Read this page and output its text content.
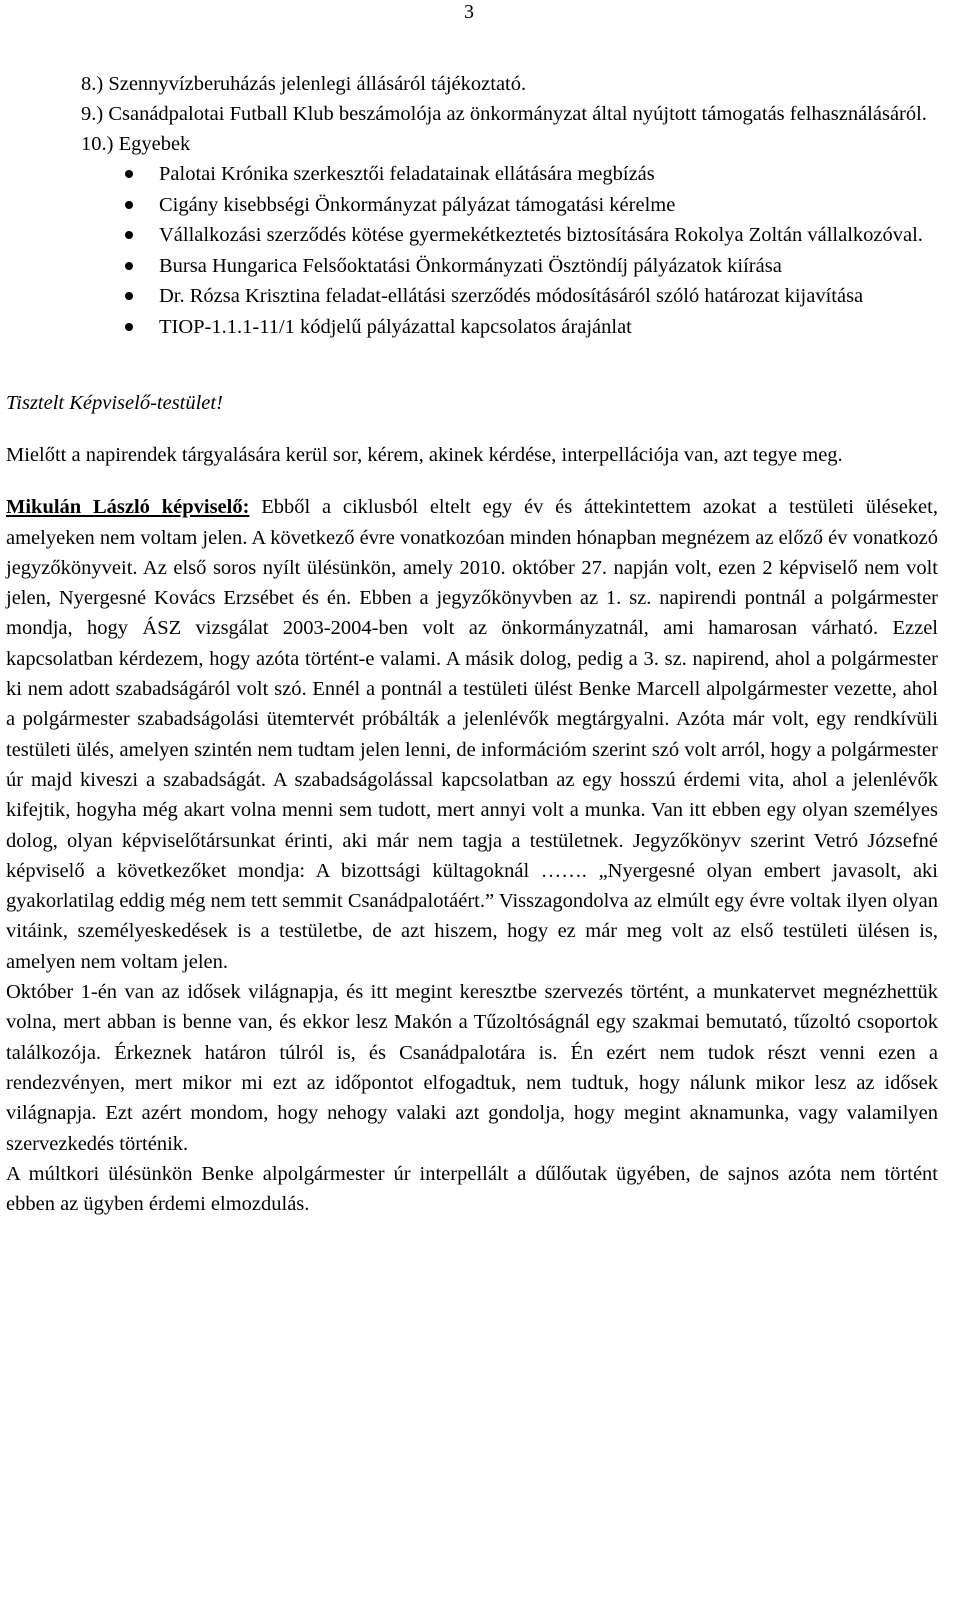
3
8.) Szennyvízberuházás jelenlegi állásáról tájékoztató.
9.) Csanádpalotai Futball Klub beszámolója az önkormányzat által nyújtott támogatás felhasználásáról.
10.) Egyebek
Palotai Krónika szerkesztői feladatainak ellátására megbízás
Cigány kisebbségi Önkormányzat pályázat támogatási kérelme
Vállalkozási szerződés kötése gyermekétkeztetés biztosítására Rokolya Zoltán vállalkozóval.
Bursa Hungarica Felsőoktatási Önkormányzati Ösztöndíj pályázatok kiírása
Dr. Rózsa Krisztina feladat-ellátási szerződés módosításáról szóló határozat kijavítása
TIOP-1.1.1-11/1 kódjelű pályázattal kapcsolatos árajánlat
Tisztelt Képviselő-testület!
Mielőtt a napirendek tárgyalására kerül sor, kérem, akinek kérdése, interpellációja van, azt tegye meg.
Mikulán László képviselő: Ebből a ciklusból eltelt egy év és áttekintettem azokat a testületi üléseket, amelyeken nem voltam jelen. A következő évre vonatkozóan minden hónapban megnézem az előző év vonatkozó jegyzőkönyveit. Az első soros nyílt ülésünkön, amely 2010. október 27. napján volt, ezen 2 képviselő nem volt jelen, Nyergesné Kovács Erzsébet és én. Ebben a jegyzőkönyvben az 1. sz. napirendi pontnál a polgármester mondja, hogy ÁSZ vizsgálat 2003-2004-ben volt az önkormányzatnál, ami hamarosan várható. Ezzel kapcsolatban kérdezem, hogy azóta történt-e valami. A másik dolog, pedig a 3. sz. napirend, ahol a polgármester ki nem adott szabadságáról volt szó. Ennél a pontnál a testületi ülést Benke Marcell alpolgármester vezette, ahol a polgármester szabadságolási ütemtervét próbálták a jelenlévők megtárgyalni. Azóta már volt, egy rendkívüli testületi ülés, amelyen szintén nem tudtam jelen lenni, de információm szerint szó volt arról, hogy a polgármester úr majd kiveszi a szabadságát. A szabadságolással kapcsolatban az egy hosszú érdemi vita, ahol a jelenlévők kifejtik, hogyha még akart volna menni sem tudott, mert annyi volt a munka. Van itt ebben egy olyan személyes dolog, olyan képviselőtársunkat érinti, aki már nem tagja a testületnek. Jegyzőkönyv szerint Vetró Józsefné képviselő a következőket mondja: A bizottsági kültagoknál ……. „Nyergesné olyan embert javasolt, aki gyakorlatilag eddig még nem tett semmit Csanádpalotáért.” Visszagondolva az elmúlt egy évre voltak ilyen olyan vitáink, személyeskedések is a testületbe, de azt hiszem, hogy ez már meg volt az első testületi ülésen is, amelyen nem voltam jelen.
Október 1-én van az idősek világnapja, és itt megint keresztbe szervezés történt, a munkatervet megnézhettük volna, mert abban is benne van, és ekkor lesz Makón a Tűzoltóságnál egy szakmai bemutató, tűzoltó csoportok találkozója. Érkeznek határon túlról is, és Csanádpalotára is. Én ezért nem tudok részt venni ezen a rendezvényen, mert mikor mi ezt az időpontot elfogadtuk, nem tudtuk, hogy nálunk mikor lesz az idősek világnapja. Ezt azért mondom, hogy nehogy valaki azt gondolja, hogy megint aknamunka, vagy valamilyen szervezkedés történik.
A múltkori ülésünkön Benke alpolgármester úr interpellált a dűlőutak ügyében, de sajnos azóta nem történt ebben az ügyben érdemi elmozdulás.
